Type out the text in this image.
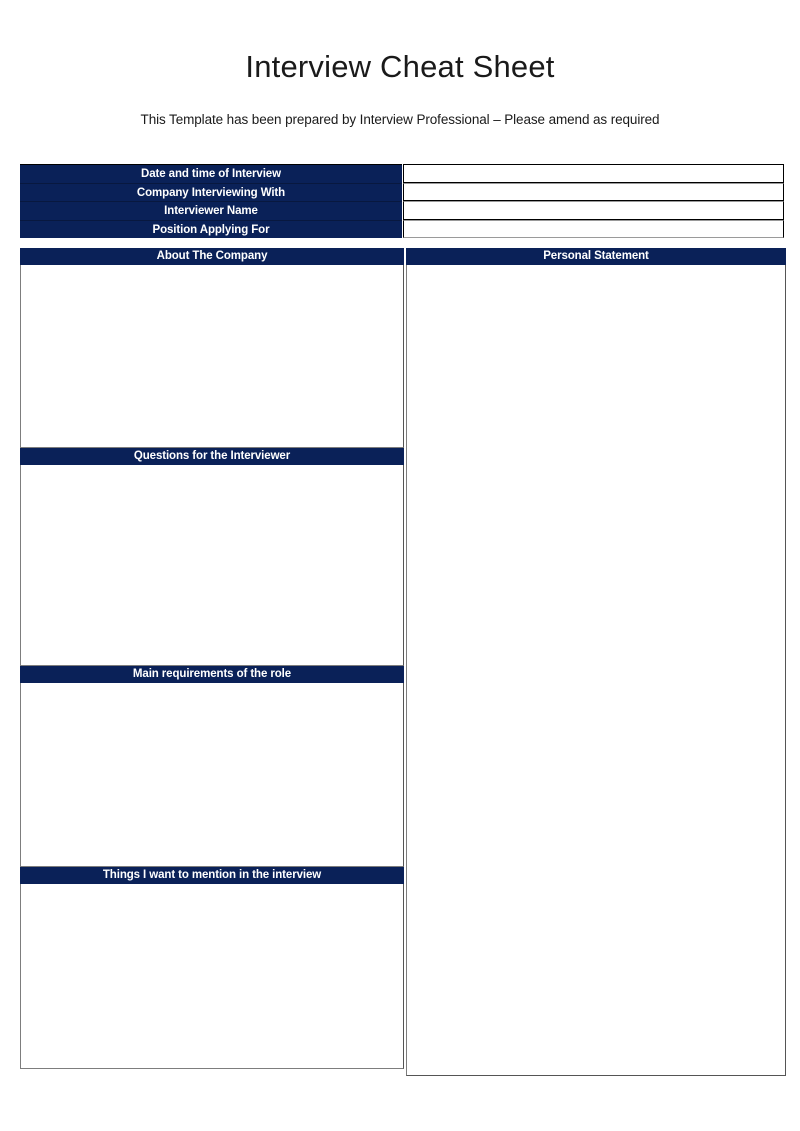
Interview Cheat Sheet

This Template has been prepared by Interview Professional – Please amend as required

Date and time of Interview
Company Interviewing With
Interviewer Name
Position Applying For
About The Company
Questions for the Interviewer
Main requirements of the role
Things I want to mention in the interview
Personal Statement
